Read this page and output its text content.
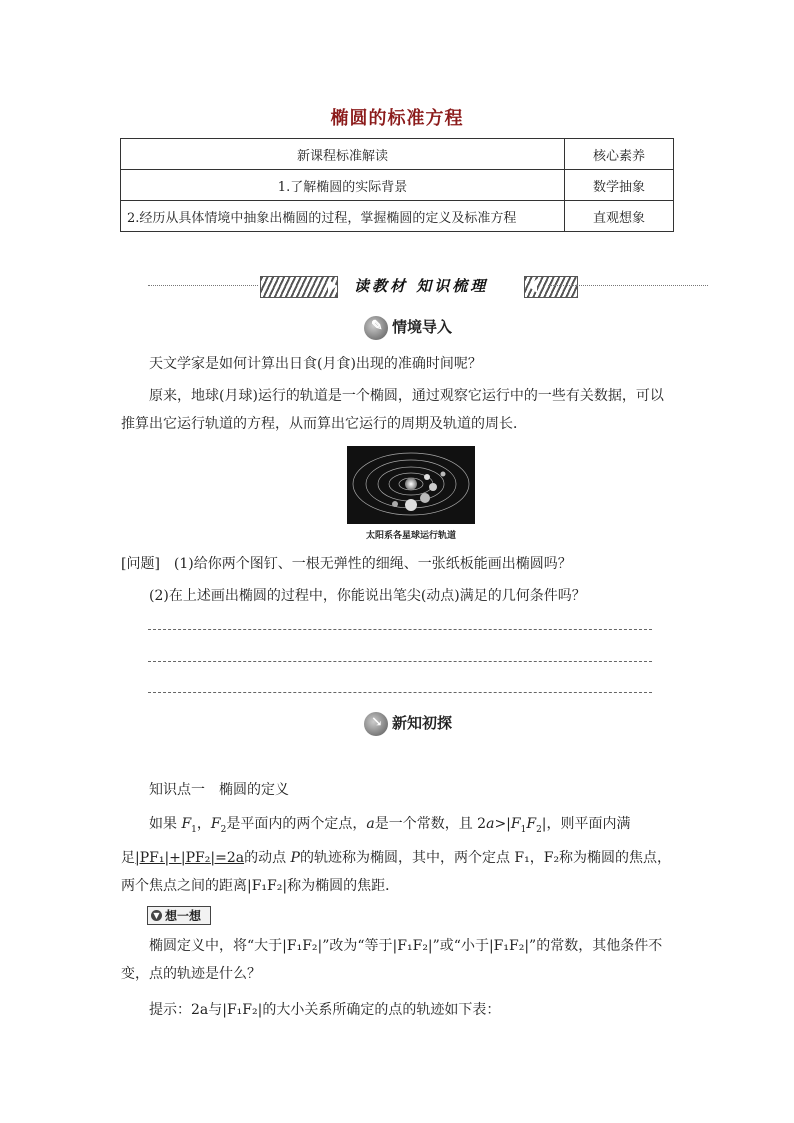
椭圆的标准方程
新课程标准解读	核心素养
1.了解椭圆的实际背景	数学抽象
2.经历从具体情境中抽象出椭圆的过程，掌握椭圆的定义及标准方程	直观想象
读教材 知识梳理
✎ 情境导入
天文学家是如何计算出日食(月食)出现的准确时间呢？
原来，地球(月球)运行的轨道是一个椭圆，通过观察它运行中的一些有关数据，可以推算出它运行轨道的方程，从而算出它运行的周期及轨道的周长．
太阳系各星球运行轨道
[问题]　(1)给你两个图钉、一根无弹性的细绳、一张纸板能画出椭圆吗？
(2)在上述画出椭圆的过程中，你能说出笔尖(动点)满足的几何条件吗？
↘ 新知初探
知识点一　椭圆的定义
如果 $F_1$，$F_2$是平面内的两个定点，a是一个常数，且 $2a>|F_1F_2|$，则平面内满足|PF₁|+|PF₂|=2a的动点 P的轨迹称为椭圆，其中，两个定点 F₁，F₂称为椭圆的焦点，两个焦点之间的距离|F₁F₂|称为椭圆的焦距．
▼ 想一想
椭圆定义中，将“大于|F₁F₂|”改为“等于|F₁F₂|”或“小于|F₁F₂|”的常数，其他条件不变，点的轨迹是什么？
提示：2a与|F₁F₂|的大小关系所确定的点的轨迹如下表：
